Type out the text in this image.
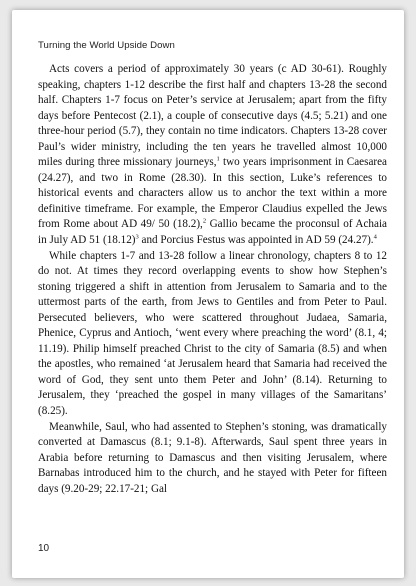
Turning the World Upside Down

Acts covers a period of approximately 30 years (c AD 30-61). Roughly speaking, chapters 1-12 describe the first half and chapters 13-28 the second half. Chapters 1-7 focus on Peter’s service at Jerusalem; apart from the fifty days before Pentecost (2.1), a couple of consecutive days (4.5; 5.21) and one three-hour period (5.7), they contain no time indicators. Chapters 13-28 cover Paul’s wider ministry, including the ten years he travelled almost 10,000 miles during three missionary journeys,$^1$ two years imprisonment in Caesarea (24.27), and two in Rome (28.30). In this section, Luke’s references to historical events and characters allow us to anchor the text within a more definitive timeframe. For example, the Emperor Claudius expelled the Jews from Rome about AD 49/ 50 (18.2),$^2$ Gallio became the proconsul of Achaia in July AD 51 $(18.12)^3$ and Porcius Festus was appointed in AD 59 (24.27).$^4$

While chapters 1-7 and 13-28 follow a linear chronology, chapters 8 to 12 do not. At times they record overlapping events to show how Stephen’s stoning triggered a shift in attention from Jerusalem to Samaria and to the uttermost parts of the earth, from Jews to Gentiles and from Peter to Paul. Persecuted believers, who were scattered throughout Judaea, Samaria, Phenice, Cyprus and Antioch, ‘went every where preaching the word’ (8.1, 4; 11.19). Philip himself preached Christ to the city of Samaria (8.5) and when the apostles, who remained ‘at Jerusalem heard that Samaria had received the word of God, they sent unto them Peter and John’ (8.14). Returning to Jerusalem, they ‘preached the gospel in many villages of the Samaritans’ (8.25).

Meanwhile, Saul, who had assented to Stephen’s stoning, was dramatically converted at Damascus (8.1; 9.1-8). Afterwards, Saul spent three years in Arabia before returning to Damascus and then visiting Jerusalem, where Barnabas introduced him to the church, and he stayed with Peter for fifteen days (9.20-29; 22.17-21; Gal

10
